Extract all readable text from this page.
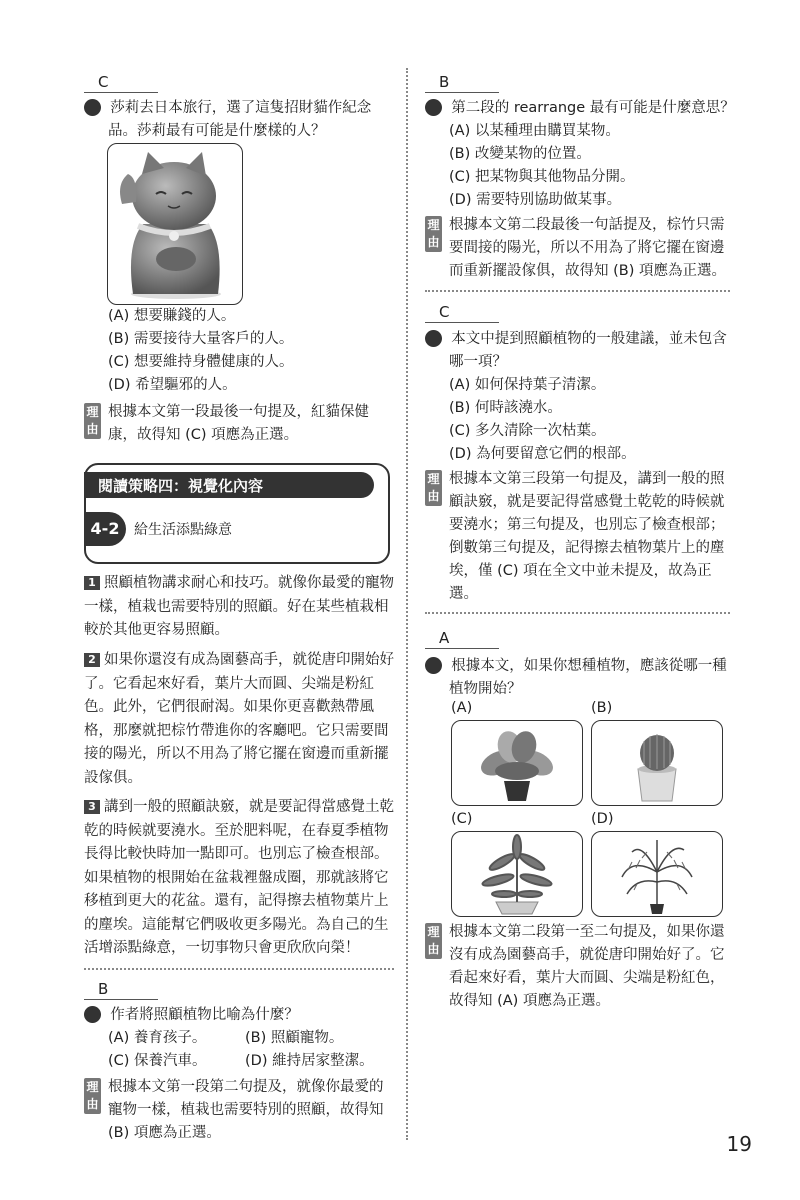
C
3 莎莉去日本旅行，選了這隻招財貓作紀念品。莎莉最有可能是什麼樣的人？
(A) 想要賺錢的人。
(B) 需要接待大量客戶的人。
(C) 想要維持身體健康的人。
(D) 希望驅邪的人。
理由
根據本文第一段最後一句提及，紅貓保健康，故得知 (C) 項應為正選。
閱讀策略四：視覺化內容
4-2	給生活添點綠意
1 照顧植物講求耐心和技巧。就像你最愛的寵物一樣，植栽也需要特別的照顧。好在某些植栽相較於其他更容易照顧。
2 如果你還沒有成為園藝高手，就從唐印開始好了。它看起來好看，葉片大而圓、尖端是粉紅色。此外，它們很耐渴。如果你更喜歡熱帶風格，那麼就把棕竹帶進你的客廳吧。它只需要間接的陽光，所以不用為了將它擺在窗邊而重新擺設傢俱。
3 講到一般的照顧訣竅，就是要記得當感覺土乾乾的時候就要澆水。至於肥料呢，在春夏季植物長得比較快時加一點即可。也別忘了檢查根部。如果植物的根開始在盆栽裡盤成圈，那就該將它移植到更大的花盆。還有，記得擦去植物葉片上的塵埃。這能幫它們吸收更多陽光。為自己的生活增添點綠意，一切事物只會更欣欣向榮！
B
1 作者將照顧植物比喻為什麼？
(A) 養育孩子。	(B) 照顧寵物。
(C) 保養汽車。	(D) 維持居家整潔。
理由
根據本文第一段第二句提及，就像你最愛的寵物一樣，植栽也需要特別的照顧，故得知 (B) 項應為正選。
B
2 第二段的 rearrange 最有可能是什麼意思？
(A) 以某種理由購買某物。
(B) 改變某物的位置。
(C) 把某物與其他物品分開。
(D) 需要特別協助做某事。
理由
根據本文第二段最後一句話提及，棕竹只需要間接的陽光，所以不用為了將它擺在窗邊而重新擺設傢俱，故得知 (B) 項應為正選。
C
3 本文中提到照顧植物的一般建議，並未包含哪一項？
(A) 如何保持葉子清潔。
(B) 何時該澆水。
(C) 多久清除一次枯葉。
(D) 為何要留意它們的根部。
理由
根據本文第三段第一句提及，講到一般的照顧訣竅，就是要記得當感覺土乾乾的時候就要澆水；第三句提及，也別忘了檢查根部；倒數第三句提及，記得擦去植物葉片上的塵埃，僅 (C) 項在全文中並未提及，故為正選。
A
4 根據本文，如果你想種植物，應該從哪一種植物開始？
(A)	(B)
(C)	(D)
理由
根據本文第二段第一至二句提及，如果你還沒有成為園藝高手，就從唐印開始好了。它看起來好看，葉片大而圓、尖端是粉紅色，故得知 (A) 項應為正選。
19
